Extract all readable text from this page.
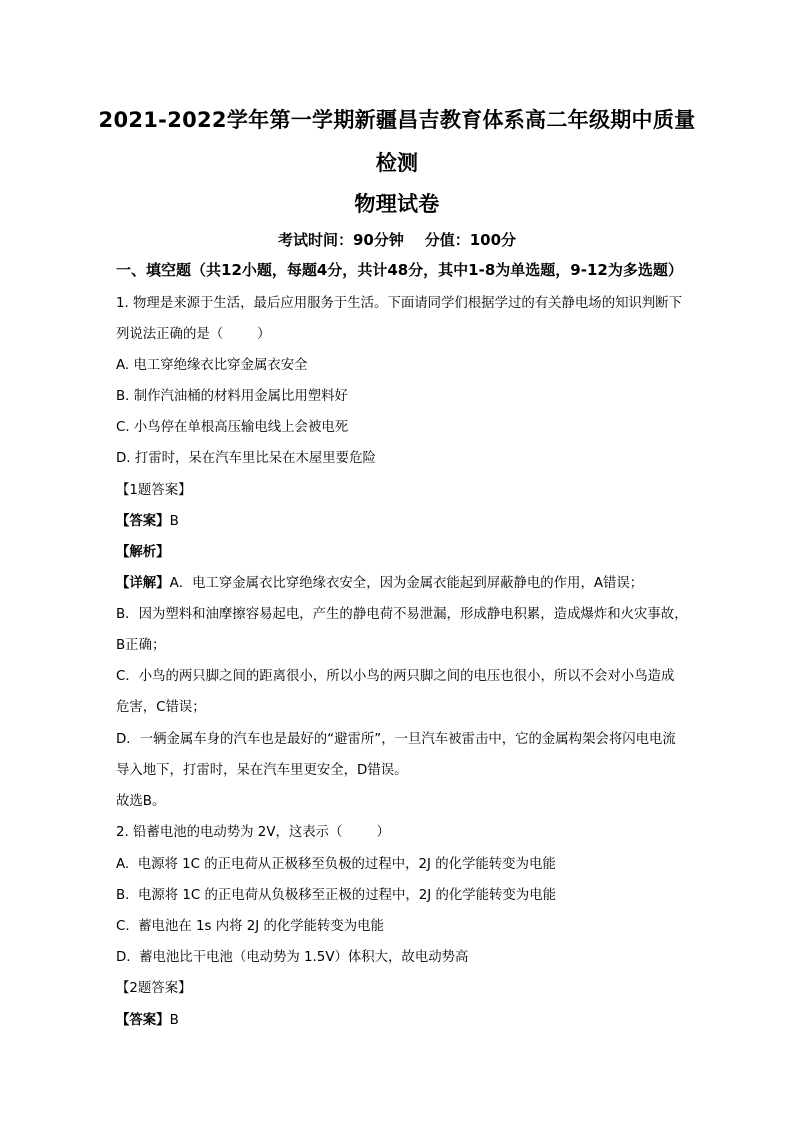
2021-2022学年第一学期新疆昌吉教育体系高二年级期中质量
检测
物理试卷
考试时间：90分钟    分值：100分
一、填空题（共12小题，每题4分，共计48分，其中1-8为单选题，9-12为多选题）
1. 物理是来源于生活，最后应用服务于生活。下面请同学们根据学过的有关静电场的知识判断下
列说法正确的是（        ）
A. 电工穿绝缘衣比穿金属衣安全
B. 制作汽油桶的材料用金属比用塑料好
C. 小鸟停在单根高压输电线上会被电死
D. 打雷时，呆在汽车里比呆在木屋里要危险
【1题答案】
【答案】B
【解析】
【详解】A．电工穿金属衣比穿绝缘衣安全，因为金属衣能起到屏蔽静电的作用，A错误；
B．因为塑料和油摩擦容易起电，产生的静电荷不易泄漏，形成静电积累，造成爆炸和火灾事故，
B正确；
C．小鸟的两只脚之间的距离很小，所以小鸟的两只脚之间的电压也很小，所以不会对小鸟造成
危害，C错误；
D．一辆金属车身的汽车也是最好的“避雷所”，一旦汽车被雷击中，它的金属构架会将闪电电流
导入地下，打雷时，呆在汽车里更安全，D错误。
故选B。
2. 铅蓄电池的电动势为 2V，这表示（        ）
A.  电源将 1C 的正电荷从正极移至负极的过程中，2J 的化学能转变为电能
B.  电源将 1C 的正电荷从负极移至正极的过程中，2J 的化学能转变为电能
C.  蓄电池在 1s 内将 2J 的化学能转变为电能
D.  蓄电池比干电池（电动势为 1.5V）体积大，故电动势高
【2题答案】
【答案】B
